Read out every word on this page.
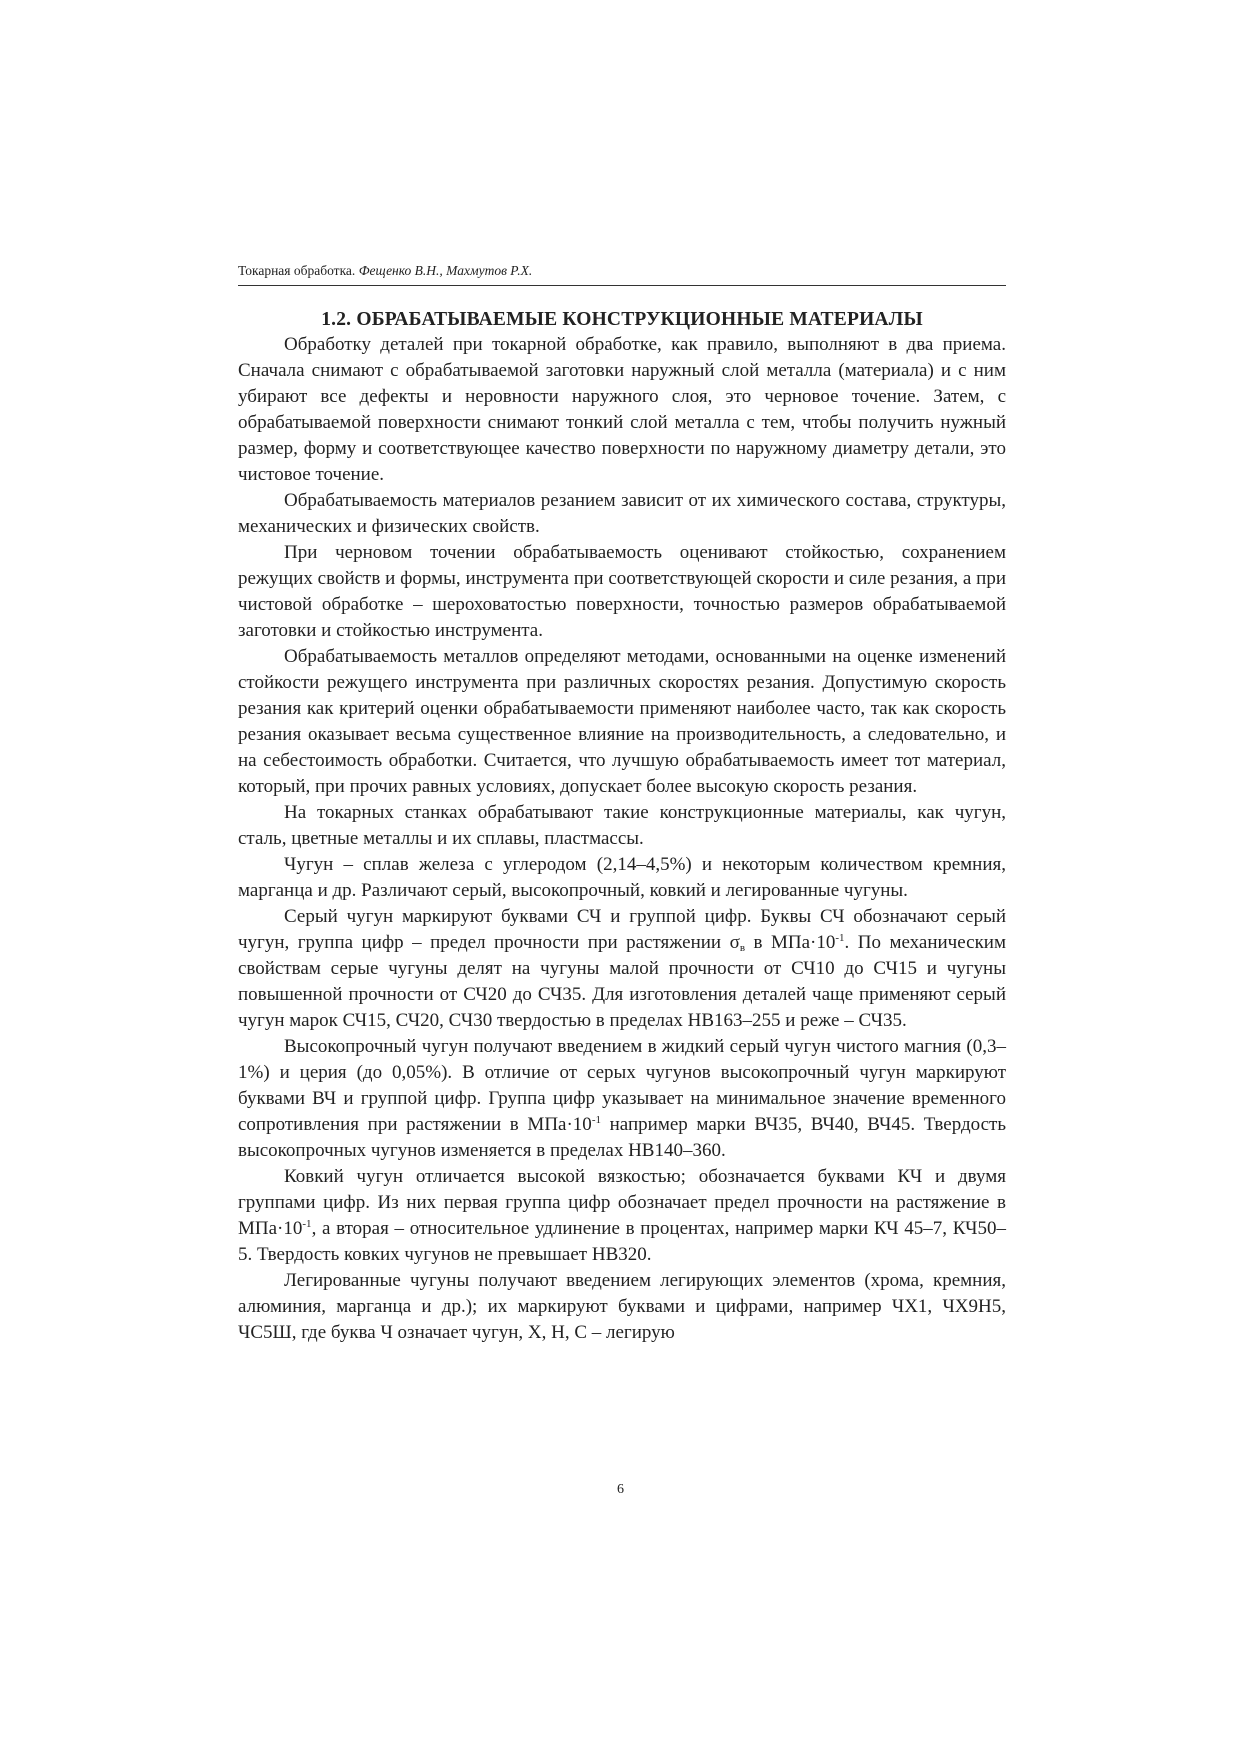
Токарная обработка. Фещенко В.Н., Махмутов Р.Х.
1.2. ОБРАБАТЫВАЕМЫЕ КОНСТРУКЦИОННЫЕ МАТЕРИАЛЫ

Обработку деталей при токарной обработке, как правило, выполняют в два приема. Сначала снимают с обрабатываемой заготовки наружный слой металла (материала) и с ним убирают все дефекты и неровности наружного слоя, это черновое точение. Затем, с обрабатываемой поверхности снимают тонкий слой металла с тем, чтобы получить нужный размер, форму и соответствующее качество поверхности по наружному диаметру детали, это чистовое точение.

Обрабатываемость материалов резанием зависит от их химического состава, структуры, механических и физических свойств.

При черновом точении обрабатываемость оценивают стойкостью, сохранением режущих свойств и формы, инструмента при соответствующей скорости и силе резания, а при чистовой обработке – шероховатостью поверхности, точностью размеров обрабатываемой заготовки и стойкостью инструмента.

Обрабатываемость металлов определяют методами, основанными на оценке изменений стойкости режущего инструмента при различных скоростях резания. Допустимую скорость резания как критерий оценки обрабатываемости применяют наиболее часто, так как скорость резания оказывает весьма существенное влияние на производительность, а следовательно, и на себестоимость обработки. Считается, что лучшую обрабатываемость имеет тот материал, который, при прочих равных условиях, допускает более высокую скорость резания.

На токарных станках обрабатывают такие конструкционные материалы, как чугун, сталь, цветные металлы и их сплавы, пластмассы.

Чугун – сплав железа с углеродом (2,14–4,5%) и некоторым количеством кремния, марганца и др. Различают серый, высокопрочный, ковкий и легированные чугуны.

Серый чугун маркируют буквами СЧ и группой цифр. Буквы СЧ обозначают серый чугун, группа цифр – предел прочности при растяжении $\sigma_в$ в $МПа\cdot 10^{-1}$. По механическим свойствам серые чугуны делят на чугуны малой прочности от СЧ10 до СЧ15 и чугуны повышенной прочности от СЧ20 до СЧ35. Для изготовления деталей чаще применяют серый чугун марок СЧ15, СЧ20, СЧ30 твердостью в пределах НВ163–255 и реже – СЧ35.

Высокопрочный чугун получают введением в жидкий серый чугун чистого магния (0,3–1%) и церия (до 0,05%). В отличие от серых чугунов высокопрочный чугун маркируют буквами ВЧ и группой цифр. Группа цифр указывает на минимальное значение временного сопротивления при растяжении в $МПа\cdot 10^{-1}$ например марки ВЧ35, ВЧ40, ВЧ45. Твердость высокопрочных чугунов изменяется в пределах НВ140–360.

Ковкий чугун отличается высокой вязкостью; обозначается буквами КЧ и двумя группами цифр. Из них первая группа цифр обозначает предел прочности на растяжение в $МПа\cdot 10^{-1}$, а вторая – относительное удлинение в процентах, например марки КЧ 45–7, КЧ50–5. Твердость ковких чугунов не превышает НВ320.

Легированные чугуны получают введением легирующих элементов (хрома, кремния, алюминия, марганца и др.); их маркируют буквами и цифрами, например ЧХ1, ЧХ9Н5, ЧС5Ш, где буква Ч означает чугун, Х, Н, С – легирую

6
